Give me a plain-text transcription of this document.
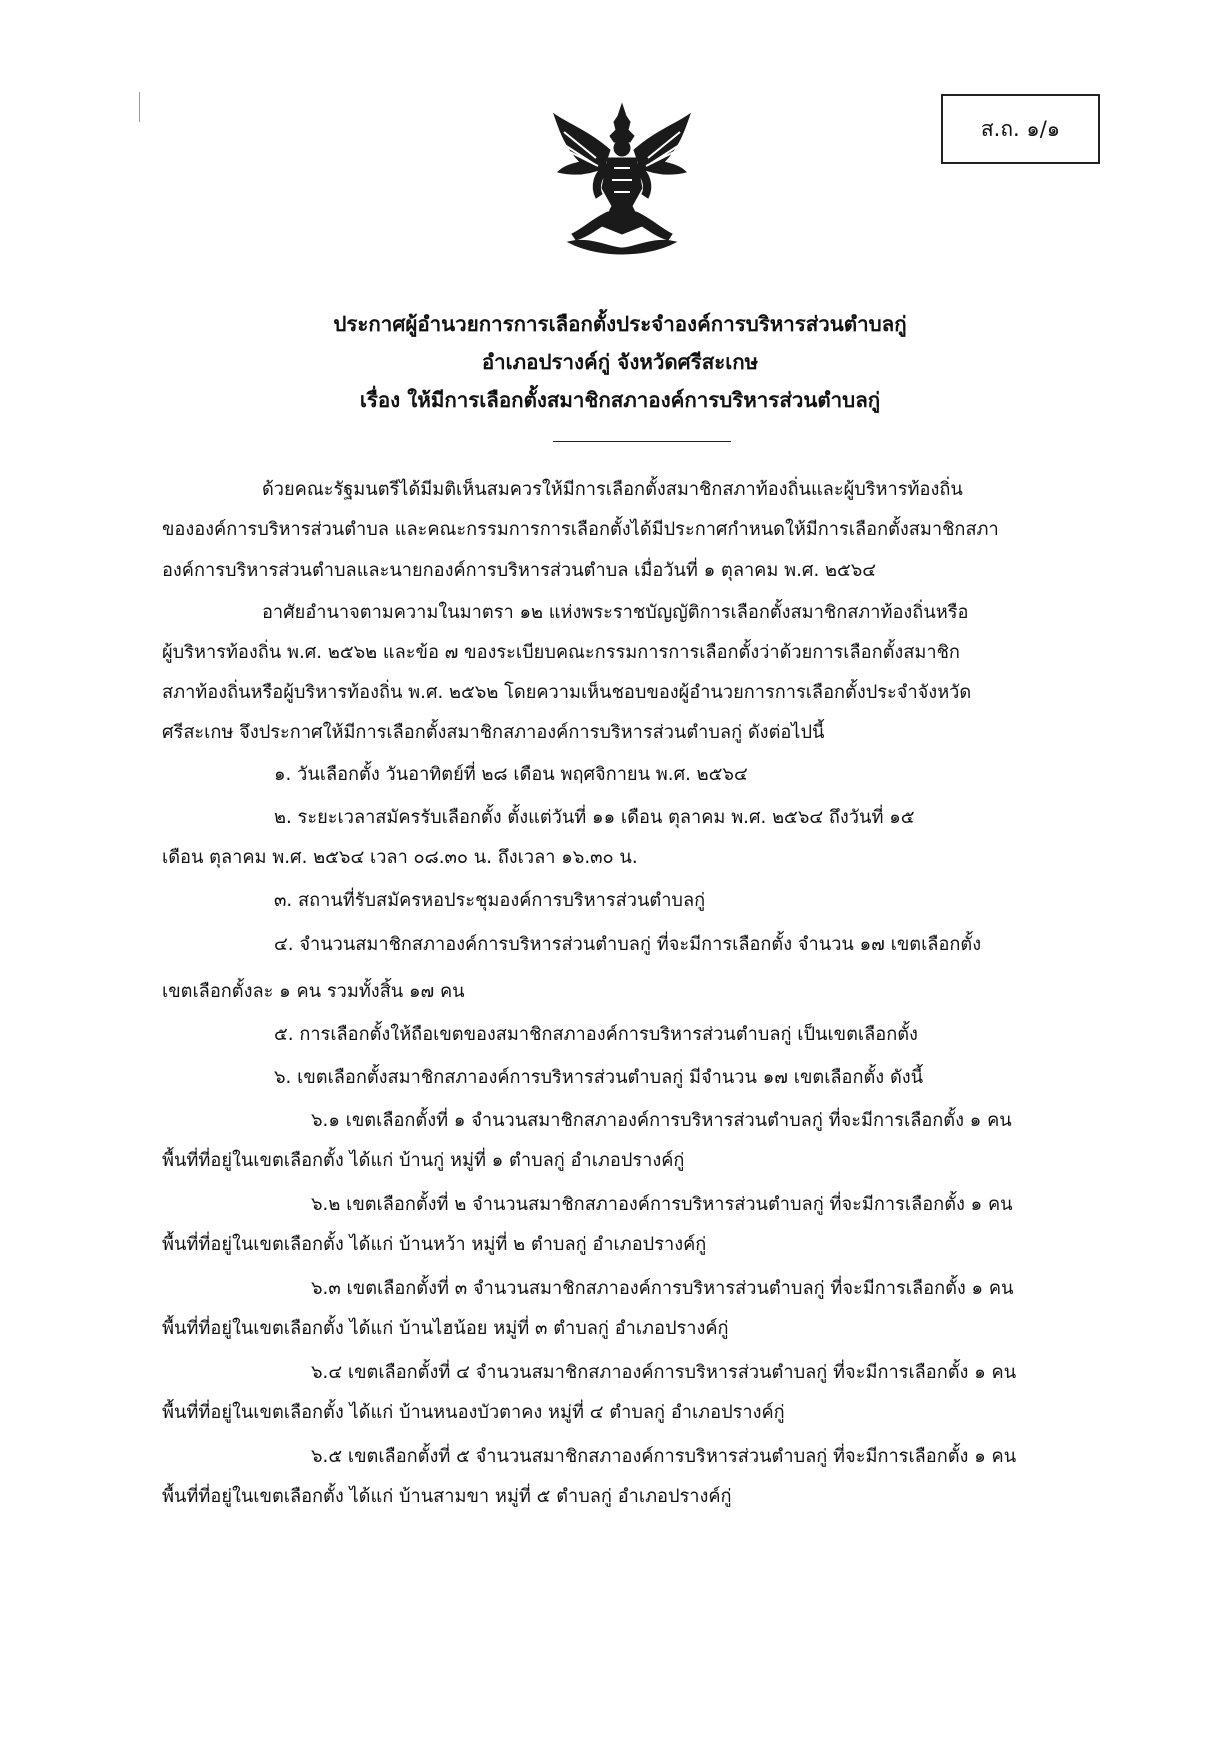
ส.ถ. ๑/๑
ประกาศผู้อำนวยการการเลือกตั้งประจำองค์การบริหารส่วนตำบลกู่
อำเภอปรางค์กู่ จังหวัดศรีสะเกษ
เรื่อง ให้มีการเลือกตั้งสมาชิกสภาองค์การบริหารส่วนตำบลกู่
ด้วยคณะรัฐมนตรีได้มีมติเห็นสมควรให้มีการเลือกตั้งสมาชิกสภาท้องถิ่นและผู้บริหารท้องถิ่น
ขององค์การบริหารส่วนตำบล และคณะกรรมการการเลือกตั้งได้มีประกาศกำหนดให้มีการเลือกตั้งสมาชิกสภา
องค์การบริหารส่วนตำบลและนายกองค์การบริหารส่วนตำบล เมื่อวันที่ ๑ ตุลาคม พ.ศ. ๒๕๖๔
อาศัยอำนาจตามความในมาตรา ๑๒ แห่งพระราชบัญญัติการเลือกตั้งสมาชิกสภาท้องถิ่นหรือ
ผู้บริหารท้องถิ่น พ.ศ. ๒๕๖๒ และข้อ ๗ ของระเบียบคณะกรรมการการเลือกตั้งว่าด้วยการเลือกตั้งสมาชิก
สภาท้องถิ่นหรือผู้บริหารท้องถิ่น พ.ศ. ๒๕๖๒ โดยความเห็นชอบของผู้อำนวยการการเลือกตั้งประจำจังหวัด
ศรีสะเกษ จึงประกาศให้มีการเลือกตั้งสมาชิกสภาองค์การบริหารส่วนตำบลกู่ ดังต่อไปนี้
๑. วันเลือกตั้ง วันอาทิตย์ที่ ๒๘ เดือน พฤศจิกายน พ.ศ. ๒๕๖๔
๒. ระยะเวลาสมัครรับเลือกตั้ง ตั้งแต่วันที่ ๑๑ เดือน ตุลาคม พ.ศ. ๒๕๖๔ ถึงวันที่ ๑๕
เดือน ตุลาคม พ.ศ. ๒๕๖๔ เวลา ๐๘.๓๐ น. ถึงเวลา ๑๖.๓๐ น.
๓. สถานที่รับสมัครหอประชุมองค์การบริหารส่วนตำบลกู่
๔. จำนวนสมาชิกสภาองค์การบริหารส่วนตำบลกู่ ที่จะมีการเลือกตั้ง จำนวน ๑๗ เขตเลือกตั้ง
เขตเลือกตั้งละ ๑ คน รวมทั้งสิ้น ๑๗ คน
๕. การเลือกตั้งให้ถือเขตของสมาชิกสภาองค์การบริหารส่วนตำบลกู่ เป็นเขตเลือกตั้ง
๖. เขตเลือกตั้งสมาชิกสภาองค์การบริหารส่วนตำบลกู่ มีจำนวน ๑๗ เขตเลือกตั้ง ดังนี้
๖.๑ เขตเลือกตั้งที่ ๑ จำนวนสมาชิกสภาองค์การบริหารส่วนตำบลกู่ ที่จะมีการเลือกตั้ง ๑ คน
พื้นที่ที่อยู่ในเขตเลือกตั้ง ได้แก่ บ้านกู่ หมู่ที่ ๑ ตำบลกู่ อำเภอปรางค์กู่
๖.๒ เขตเลือกตั้งที่ ๒ จำนวนสมาชิกสภาองค์การบริหารส่วนตำบลกู่ ที่จะมีการเลือกตั้ง ๑ คน
พื้นที่ที่อยู่ในเขตเลือกตั้ง ได้แก่ บ้านหว้า หมู่ที่ ๒ ตำบลกู่ อำเภอปรางค์กู่
๖.๓ เขตเลือกตั้งที่ ๓ จำนวนสมาชิกสภาองค์การบริหารส่วนตำบลกู่ ที่จะมีการเลือกตั้ง ๑ คน
พื้นที่ที่อยู่ในเขตเลือกตั้ง ได้แก่ บ้านไฮน้อย หมู่ที่ ๓ ตำบลกู่ อำเภอปรางค์กู่
๖.๔ เขตเลือกตั้งที่ ๔ จำนวนสมาชิกสภาองค์การบริหารส่วนตำบลกู่ ที่จะมีการเลือกตั้ง ๑ คน
พื้นที่ที่อยู่ในเขตเลือกตั้ง ได้แก่ บ้านหนองบัวตาคง หมู่ที่ ๔ ตำบลกู่ อำเภอปรางค์กู่
๖.๕ เขตเลือกตั้งที่ ๕ จำนวนสมาชิกสภาองค์การบริหารส่วนตำบลกู่ ที่จะมีการเลือกตั้ง ๑ คน
พื้นที่ที่อยู่ในเขตเลือกตั้ง ได้แก่ บ้านสามขา หมู่ที่ ๕ ตำบลกู่ อำเภอปรางค์กู่
